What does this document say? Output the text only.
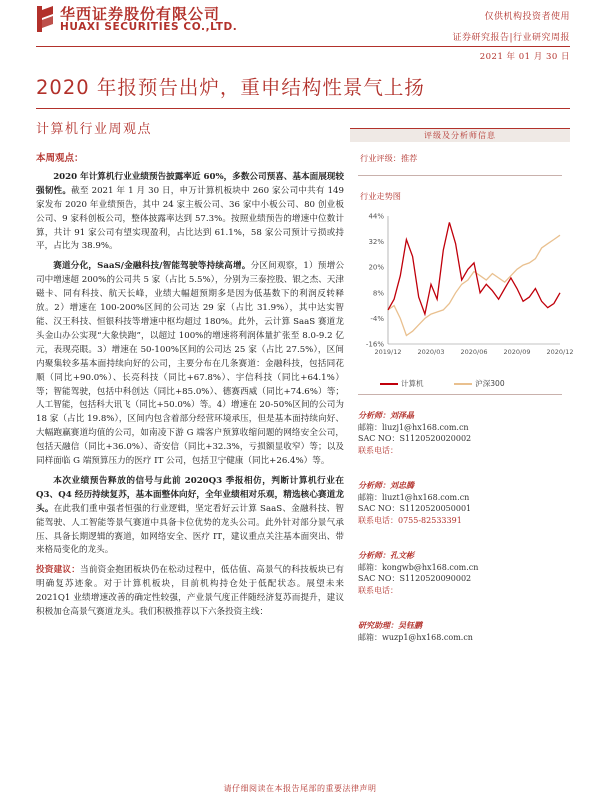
华西证券股份有限公司
HUAXI SECURITIES CO.,LTD.
仅供机构投资者使用
证券研究报告|行业研究周报
2021 年 01 月 30 日
2020 年报预告出炉，重申结构性景气上扬
计算机行业周观点
本周观点：

2020 年计算机行业业绩预告披露率近 60%，多数公司预喜、基本面展现较强韧性。截至 2021 年 1 月 30 日，申万计算机板块中 260 家公司中共有 149 家发布 2020 年业绩预告，其中 24 家主板公司、36 家中小板公司、80 创业板公司、9 家科创板公司，整体披露率达到 57.3%。按照业绩预告的增速中位数计算，共计 91 家公司有望实现盈利，占比达到 61.1%，58 家公司预计亏损或持平，占比为 38.9%。

赛道分化，SaaS/金融科技/智能驾驶等持续高增。分区间观察，1）预增公司中增速超 200%的公司共 5 家（占比 5.5%），分别为三泰控股、银之杰、天津磁卡、同有科技、航天长峰，业绩大幅超预期多是因为低基数下的利润反转释放。2）增速在 100-200%区间的公司达 29 家（占比 31.9%），其中达实智能、汉王科技、恒银科技等增速中枢均超过 180%。此外，云计算 SaaS 赛道龙头金山办公实现“大象快跑”，以超过 100%的增速将利润体量扩张至 8.0-9.2 亿元，表现亮眼。3）增速在 50-100%区间的公司达 25 家（占比 27.5%），区间内聚集较多基本面持续向好的公司，主要分布在几条赛道：金融科技，包括同花顺（同比+90.0%）、长亮科技（同比+67.8%）、宇信科技（同比+64.1%）等；智能驾驶，包括中科创达（同比+85.0%）、德赛西威（同比+74.6%）等；人工智能，包括科大讯飞（同比+50.0%）等。4）增速在 20-50%区间的公司为 18 家（占比 19.8%），区间内包含着部分经营环境承压，但是基本面持续向好、大幅跑赢赛道均值的公司，如南凌下游 G 端客户预算收缩问题的网络安全公司，包括天融信（同比+36.0%）、奇安信（同比+32.3%，亏损额显收窄）等；以及同样面临 G 端预算压力的医疗 IT 公司，包括卫宁健康（同比+26.4%）等。

本次业绩预告释放的信号与此前 2020Q3 季报相仿，判断计算机行业在 Q3、Q4 经历持续复苏，基本面整体向好，全年业绩相对乐观，精选核心赛道龙头。在此我们重申强者恒强的行业逻辑，坚定看好云计算 SaaS、金融科技、智能驾驶、人工智能等景气赛道中具备卡位优势的龙头公司。此外针对部分景气承压、具备长期逻辑的赛道，如网络安全、医疗 IT，建议重点关注基本面突出、带来格局变化的龙头。

投资建议：当前资金抱团板块仍在松动过程中，低估值、高景气的科技板块已有明确复苏迹象。对于计算机板块，目前机构持仓处于低配状态。展望未来 2021Q1 业绩增速改善的确定性较强，产业景气度正伴随经济复苏而提升，建议积极加仓高景气赛道龙头。我们积极推荐以下六条投资主线：

评级及分析师信息
行业评级：推荐
行业走势图
44%
32%
20%
8%
-4%
-16%
2019/12 2020/03 2020/06 2020/09 2020/12
计算机	沪深300
分析师：刘泽晶
邮箱：liuzj1@hx168.com.cn
SAC NO：S1120520020002
联系电话：
分析师：刘忠腾
邮箱：liuzt1@hx168.com.cn
SAC NO：S1120520050001
联系电话：0755-82533391
分析师：孔文彬
邮箱：kongwb@hx168.com.cn
SAC NO：S1120520090002
联系电话：
研究助理：吴钰鹏
邮箱：wuzp1@hx168.com.cn
请仔细阅读在本报告尾部的重要法律声明
